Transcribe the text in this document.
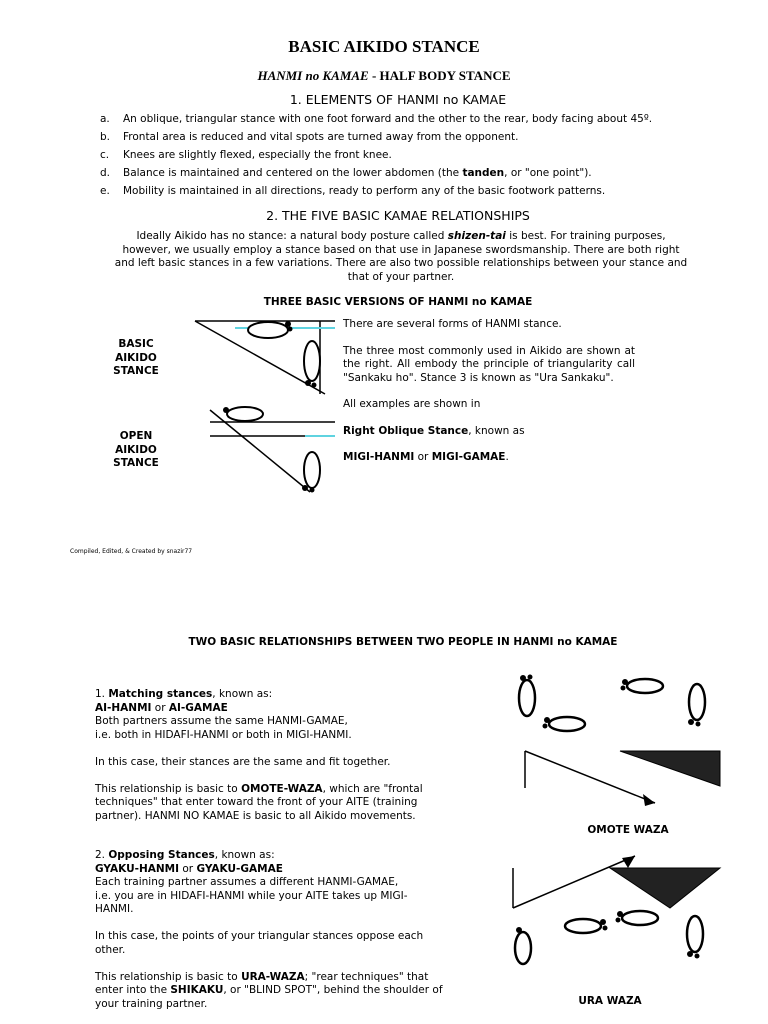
BASIC AIKIDO STANCE
HANMI no KAMAE - HALF BODY STANCE
1. ELEMENTS OF HANMI no KAMAE
a. An oblique, triangular stance with one foot forward and the other to the rear, body facing about 45º.
b. Frontal area is reduced and vital spots are turned away from the opponent.
c. Knees are slightly flexed, especially the front knee.
d. Balance is maintained and centered on the lower abdomen (the tanden, or "one point").
e. Mobility is maintained in all directions, ready to perform any of the basic footwork patterns.
2. THE FIVE BASIC KAMAE RELATIONSHIPS
Ideally Aikido has no stance: a natural body posture called shizen-tai is best. For training purposes,
however, we usually employ a stance based on that use in Japanese swordsmanship. There are both right
and left basic stances in a few variations. There are also two possible relationships between your stance and
that of your partner.
THREE BASIC VERSIONS OF HANMI no KAMAE
BASIC
AIKIDO
STANCE
OPEN
AIKIDO
STANCE
There are several forms of HANMI stance.
The three most commonly used in Aikido are shown at the right. All embody the principle of triangularity call "Sankaku ho". Stance 3 is known as "Ura Sankaku".
All examples are shown in
Right Oblique Stance, known as
MIGI-HANMI or MIGI-GAMAE.
Compiled, Edited, & Created by snazir77
TWO BASIC RELATIONSHIPS BETWEEN TWO PEOPLE IN HANMI no KAMAE
1. Matching stances, known as:
AI-HANMI or AI-GAMAE
Both partners assume the same HANMI-GAMAE,
i.e. both in HIDAFI-HANMI or both in MIGI-HANMI.
In this case, their stances are the same and fit together.
This relationship is basic to OMOTE-WAZA, which are "frontal
techniques" that enter toward the front of your AITE (training
partner). HANMI NO KAMAE is basic to all Aikido movements.
2. Opposing Stances, known as:
GYAKU-HANMI or GYAKU-GAMAE
Each training partner assumes a different HANMI-GAMAE,
i.e. you are in HIDAFI-HANMI while your AITE takes up MIGI-
HANMI.
In this case, the points of your triangular stances oppose each
other.
This relationship is basic to URA-WAZA; "rear techniques" that
enter into the SHIKAKU, or "BLIND SPOT", behind the shoulder of
your training partner.
OMOTE WAZA
URA WAZA
